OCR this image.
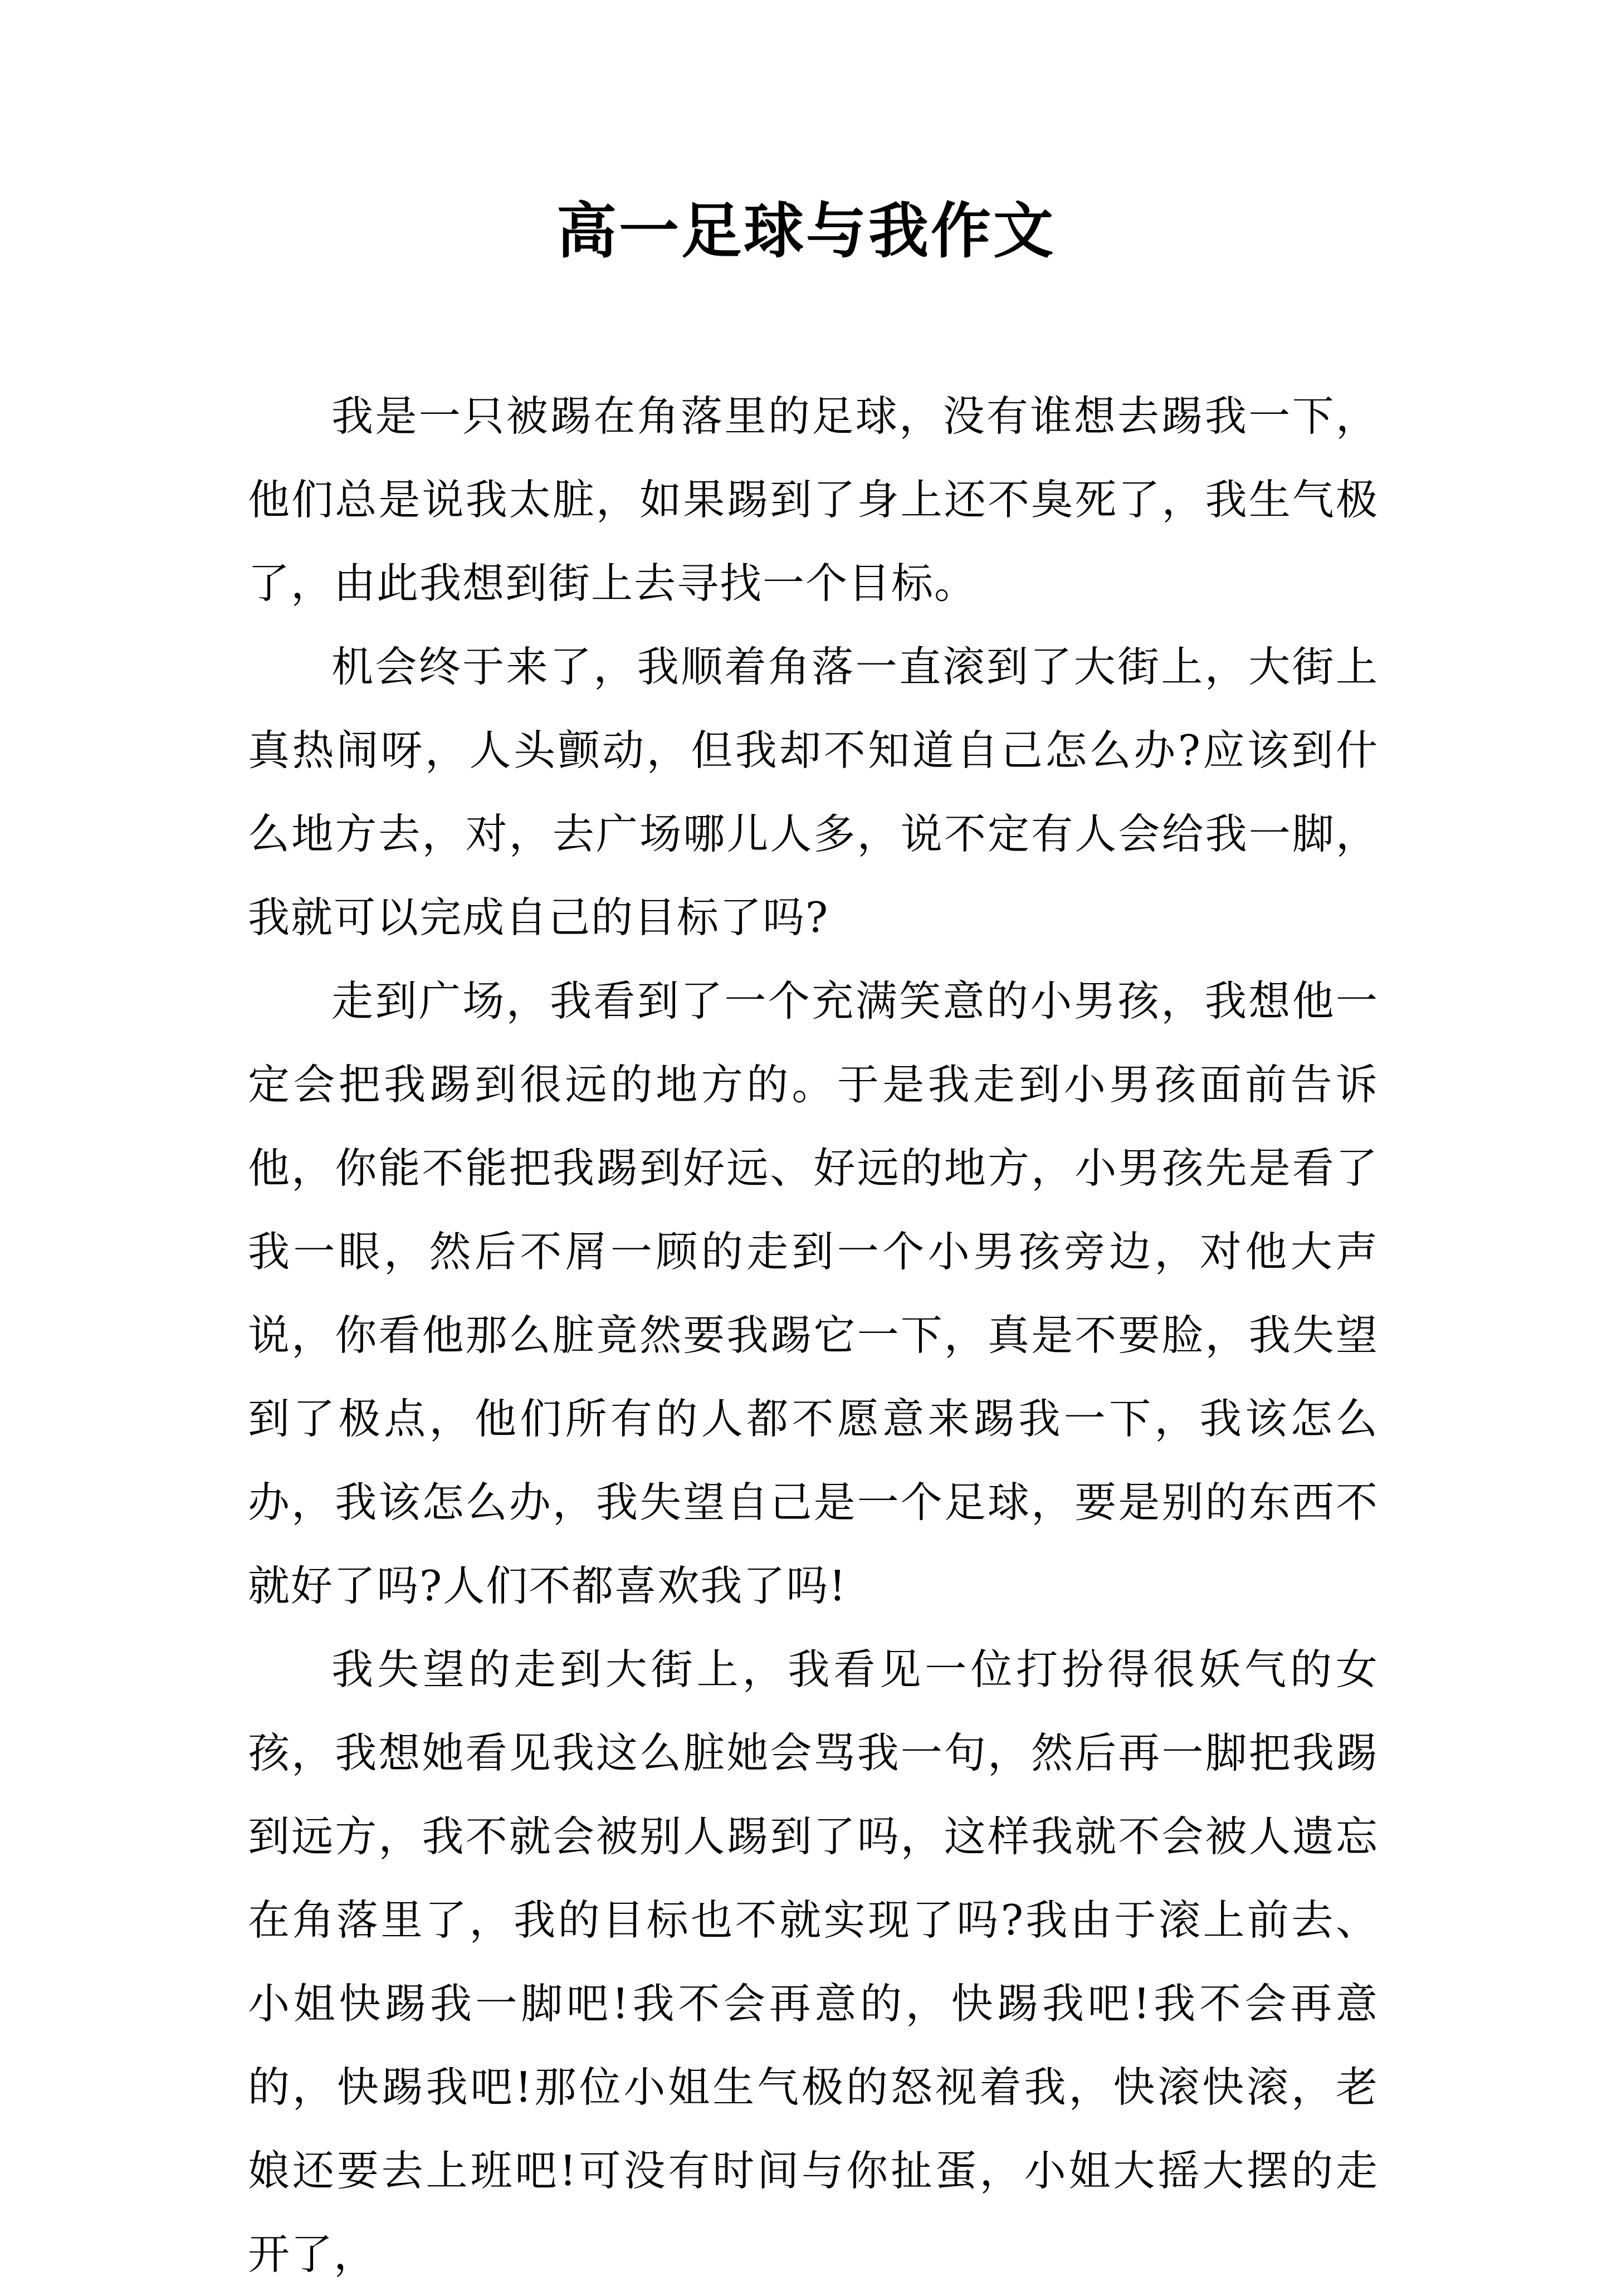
高一足球与我作文

我是一只被踢在角落里的足球，没有谁想去踢我一下，他们总是说我太脏，如果踢到了身上还不臭死了，我生气极了，由此我想到街上去寻找一个目标。

机会终于来了，我顺着角落一直滚到了大街上，大街上真热闹呀，人头颤动，但我却不知道自己怎么办?应该到什么地方去，对，去广场哪儿人多，说不定有人会给我一脚，我就可以完成自己的目标了吗?

走到广场，我看到了一个充满笑意的小男孩，我想他一定会把我踢到很远的地方的。于是我走到小男孩面前告诉他，你能不能把我踢到好远、好远的地方，小男孩先是看了我一眼，然后不屑一顾的走到一个小男孩旁边，对他大声说，你看他那么脏竟然要我踢它一下，真是不要脸，我失望到了极点，他们所有的人都不愿意来踢我一下，我该怎么办，我该怎么办，我失望自己是一个足球，要是别的东西不就好了吗?人们不都喜欢我了吗!

我失望的走到大街上，我看见一位打扮得很妖气的女孩，我想她看见我这么脏她会骂我一句，然后再一脚把我踢到远方，我不就会被别人踢到了吗，这样我就不会被人遗忘在角落里了，我的目标也不就实现了吗?我由于滚上前去、小姐快踢我一脚吧!我不会再意的，快踢我吧!我不会再意的，快踢我吧!那位小姐生气极的怒视着我，快滚快滚，老娘还要去上班吧!可没有时间与你扯蛋，小姐大摇大摆的走开了，
